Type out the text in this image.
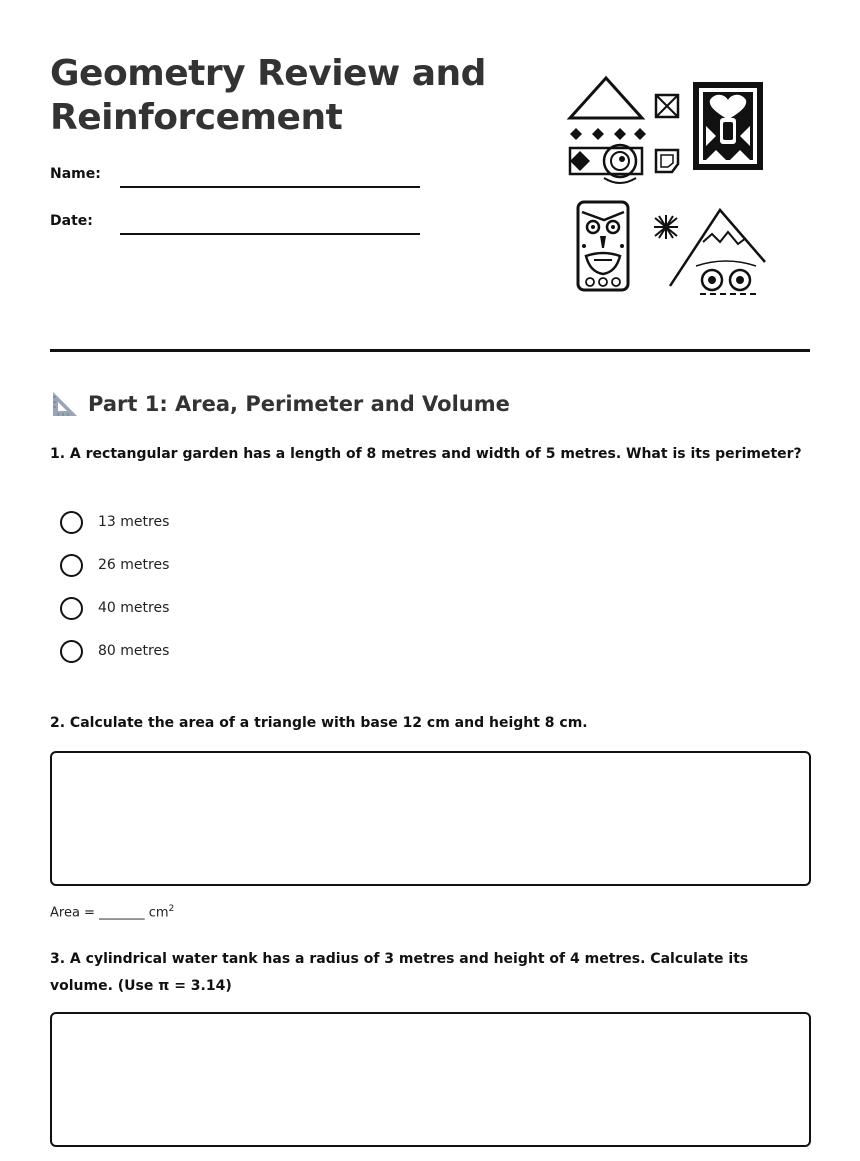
Geometry Review and Reinforcement
Name:
Date:
Part 1: Area, Perimeter and Volume

1. A rectangular garden has a length of 8 metres and width of 5 metres. What is its perimeter?

13 metres
26 metres
40 metres
80 metres

2. Calculate the area of a triangle with base 12 cm and height 8 cm.

Area = _______ $cm^2$

3. A cylindrical water tank has a radius of 3 metres and height of 4 metres. Calculate its volume. (Use π = 3.14)
